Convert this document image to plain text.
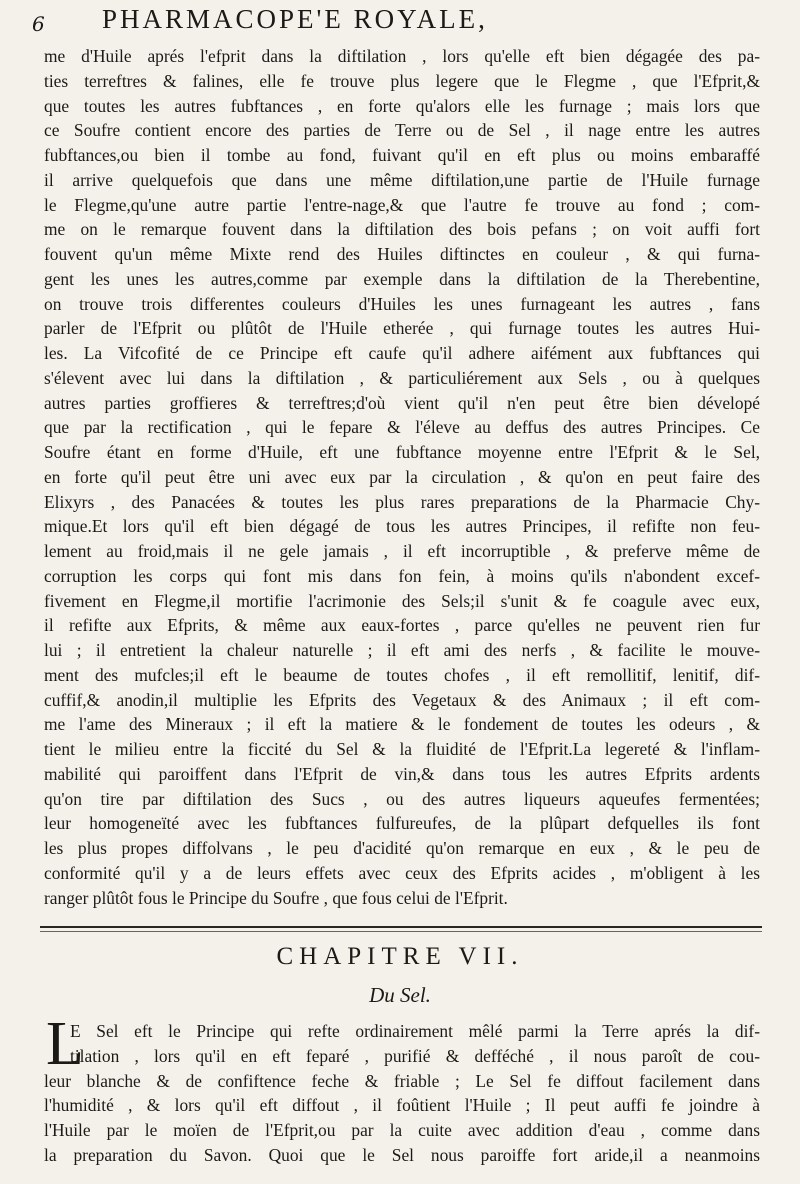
6 PHARMACOPE'E ROYALE,
me d'Huile aprés l'efprit dans la diftilation , lors qu'elle eft bien dégagée des pa-
ties terreftres & falines, elle fe trouve plus legere que le Flegme , que l'Efprit,&
que toutes les autres fubftances , en forte qu'alors elle les furnage ; mais lors que
ce Soufre contient encore des parties de Terre ou de Sel , il nage entre les autres
fubftances,ou bien il tombe au fond, fuivant qu'il en eft plus ou moins embaraffé
il arrive quelquefois que dans une même diftilation,une partie de l'Huile furnage
le Flegme,qu'une autre partie l'entre-nage,& que l'autre fe trouve au fond ; com-
me on le remarque fouvent dans la diftilation des bois pefans ; on voit auffi fort
fouvent qu'un même Mixte rend des Huiles diftinctes en couleur , & qui furna-
gent les unes les autres,comme par exemple dans la diftilation de la Therebentine,
on trouve trois differentes couleurs d'Huiles les unes furnageant les autres , fans
parler de l'Efprit ou plûtôt de l'Huile etherée , qui furnage toutes les autres Hui-
les. La Vifcofité de ce Principe eft caufe qu'il adhere aifément aux fubftances qui
s'élevent avec lui dans la diftilation , & particuliérement aux Sels , ou à quelques
autres parties groffieres & terreftres;d'où vient qu'il n'en peut être bien dévelopé
que par la rectification , qui le fepare & l'éleve au deffus des autres Principes. Ce
Soufre étant en forme d'Huile, eft une fubftance moyenne entre l'Efprit & le Sel,
en forte qu'il peut être uni avec eux par la circulation , & qu'on en peut faire des
Elixyrs , des Panacées & toutes les plus rares preparations de la Pharmacie Chy-
mique.Et lors qu'il eft bien dégagé de tous les autres Principes, il refifte non feu-
lement au froid,mais il ne gele jamais , il eft incorruptible , & preferve même de
corruption les corps qui font mis dans fon fein, à moins qu'ils n'abondent excef-
fivement en Flegme,il mortifie l'acrimonie des Sels;il s'unit & fe coagule avec eux,
il refifte aux Efprits, & même aux eaux-fortes , parce qu'elles ne peuvent rien fur
lui ; il entretient la chaleur naturelle ; il eft ami des nerfs , & facilite le mouve-
ment des mufcles;il eft le beaume de toutes chofes , il eft remollitif, lenitif, dif-
cuffif,& anodin,il multiplie les Efprits des Vegetaux & des Animaux ; il eft com-
me l'ame des Mineraux ; il eft la matiere & le fondement de toutes les odeurs , &
tient le milieu entre la ficcité du Sel & la fluidité de l'Efprit.La legereté & l'inflam-
mabilité qui paroiffent dans l'Efprit de vin,& dans tous les autres Efprits ardents
qu'on tire par diftilation des Sucs , ou des autres liqueurs aqueufes fermentées;
leur homogeneïté avec les fubftances fulfureufes, de la plûpart defquelles ils font
les plus propes diffolvans , le peu d'acidité qu'on remarque en eux , & le peu de
conformité qu'il y a de leurs effets avec ceux des Efprits acides , m'obligent à les
ranger plûtôt fous le Principe du Soufre , que fous celui de l'Efprit.
CHAPITRE VII.
Du Sel.
L
E Sel eft le Principe qui refte ordinairement mêlé parmi la Terre aprés la dif-
tilation , lors qu'il en eft feparé , purifié & defféché , il nous paroît de cou-
leur blanche & de confiftence feche & friable ; Le Sel fe diffout facilement dans
l'humidité , & lors qu'il eft diffout , il foûtient l'Huile ; Il peut auffi fe joindre à
l'Huile par le moïen de l'Efprit,ou par la cuite avec addition d'eau , comme dans
la preparation du Savon. Quoi que le Sel nous paroiffe fort aride,il a neanmoins
